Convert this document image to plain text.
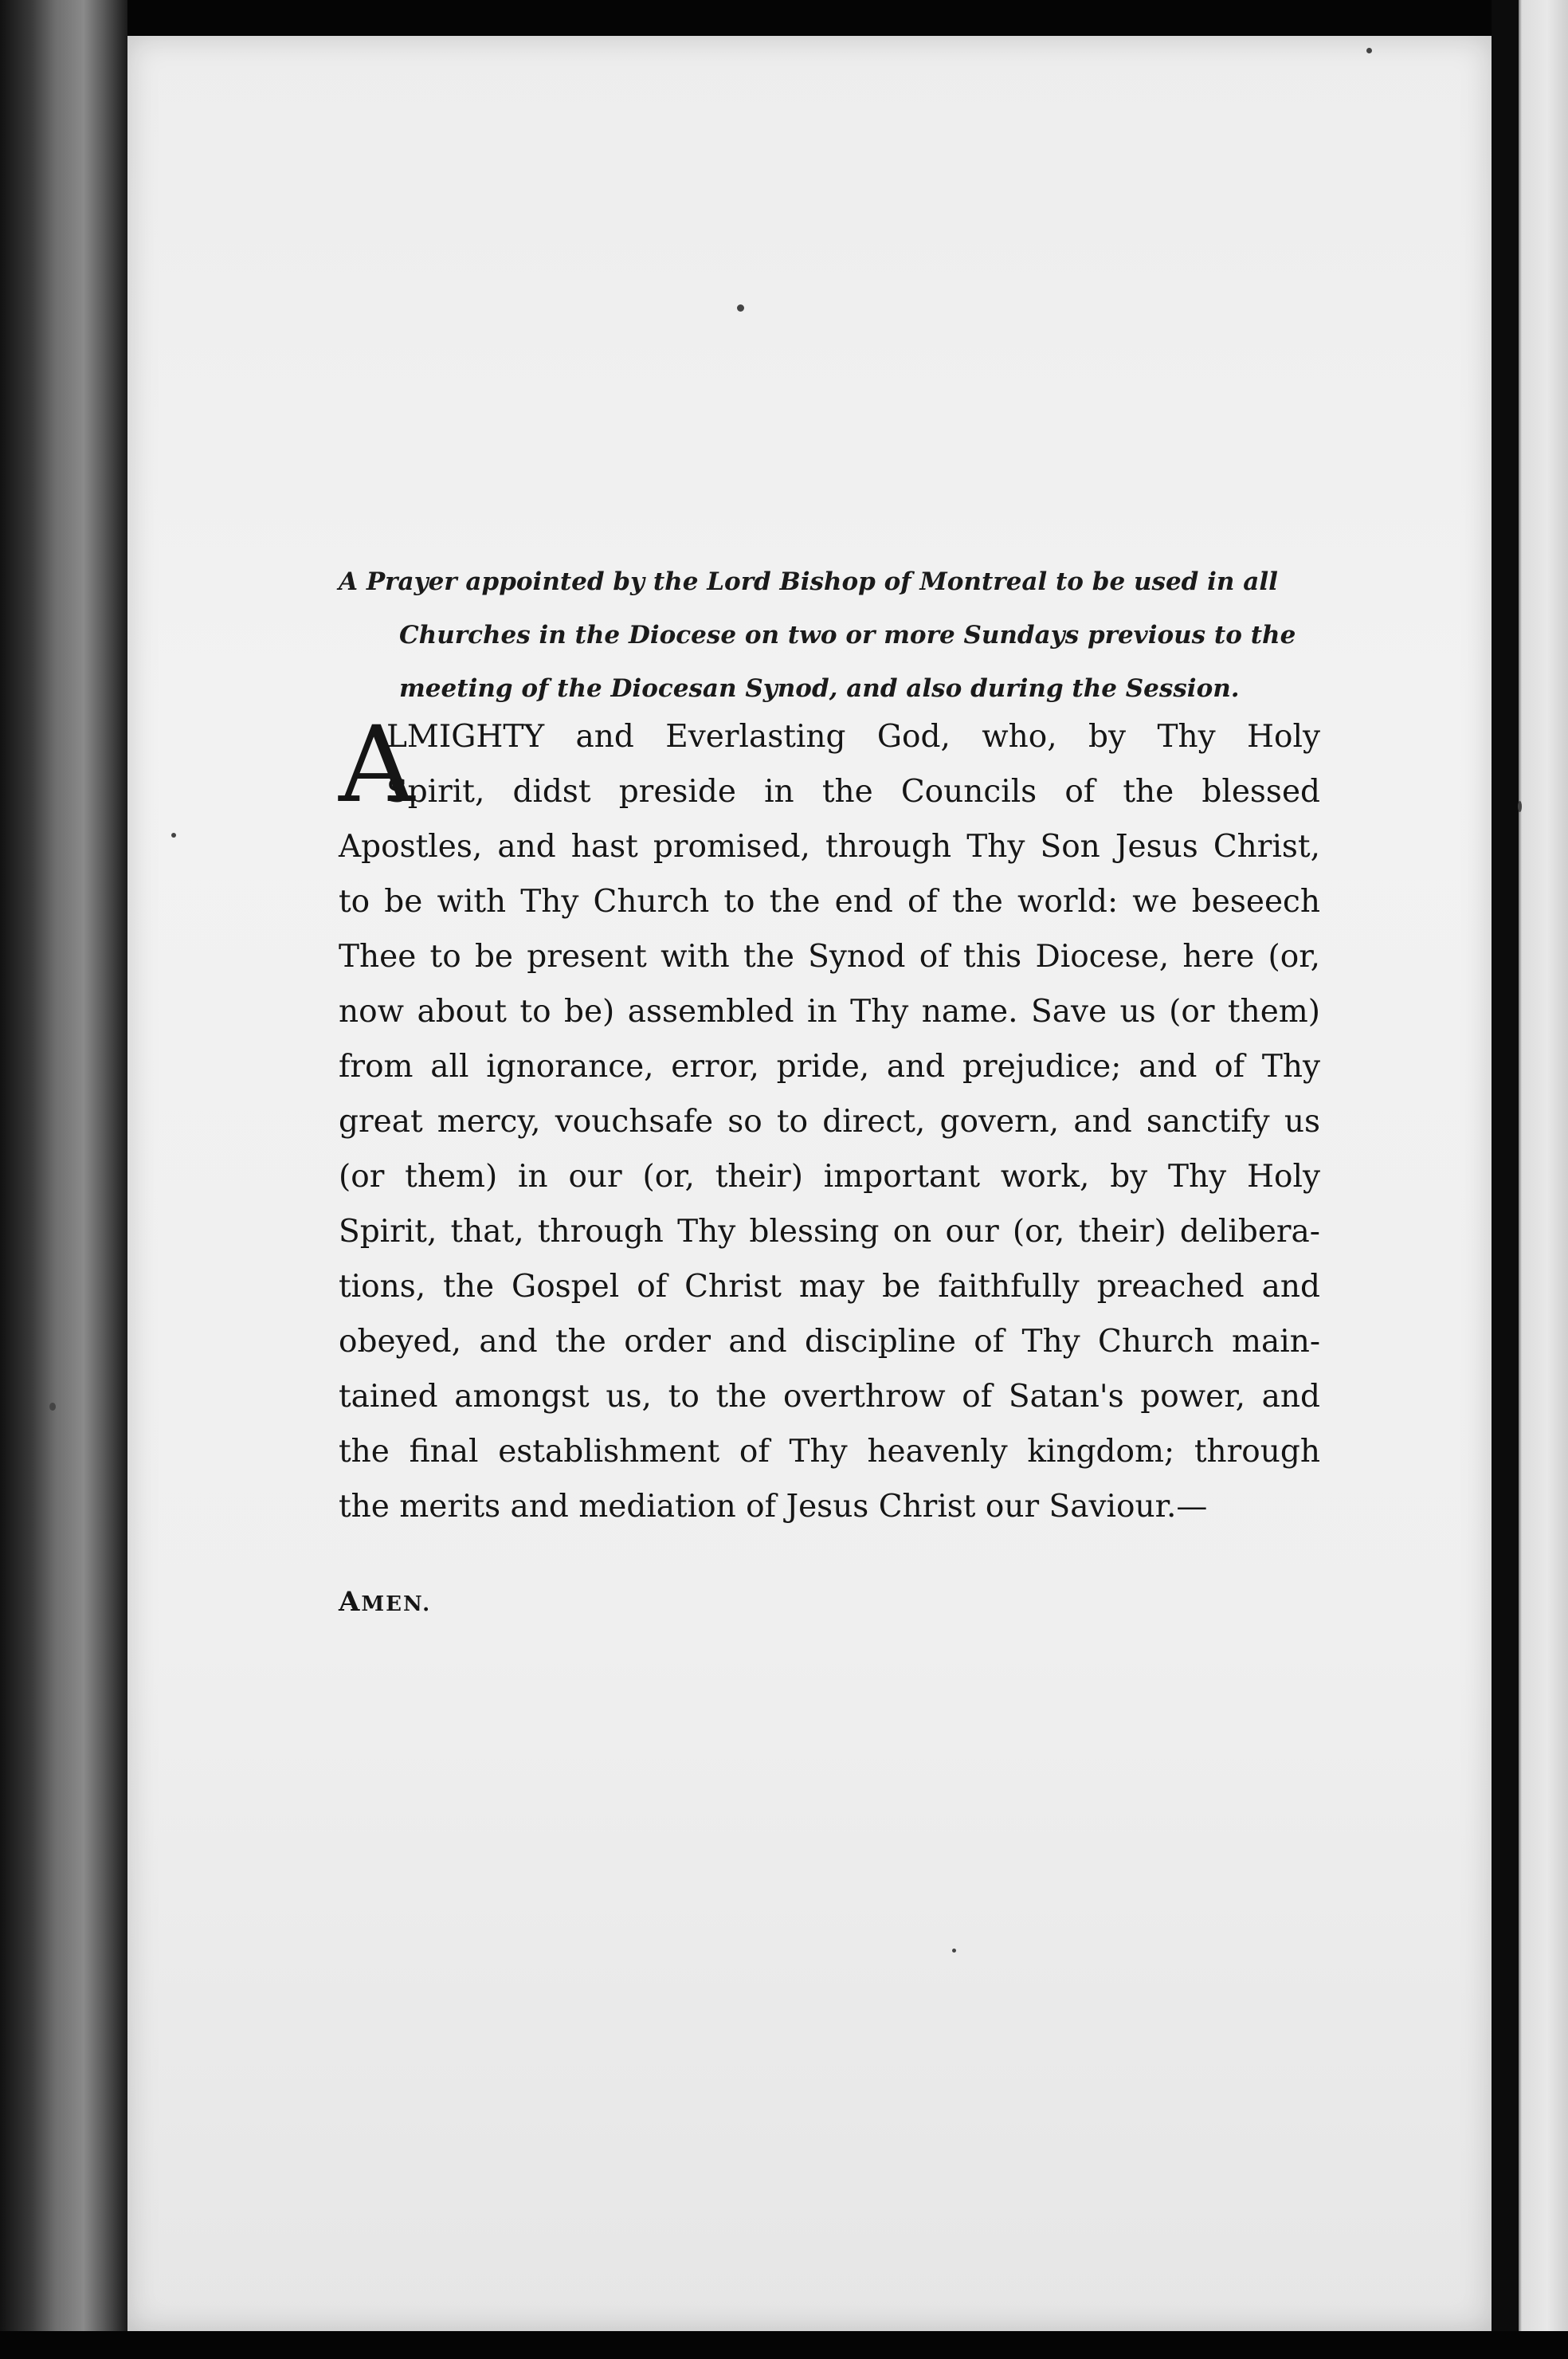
A Prayer appointed by the Lord Bishop of Montreal to be used in all
Churches in the Diocese on two or more Sundays previous to the
meeting of the Diocesan Synod, and also during the Session.
A
LMIGHTY and Everlasting God, who, by Thy Holy
Spirit, didst preside in the Councils of the blessed
Apostles, and hast promised, through Thy Son Jesus Christ,
to be with Thy Church to the end of the world: we beseech
Thee to be present with the Synod of this Diocese, here (or,
now about to be) assembled in Thy name. Save us (or them)
from all ignorance, error, pride, and prejudice; and of Thy
great mercy, vouchsafe so to direct, govern, and sanctify us
(or them) in our (or, their) important work, by Thy Holy
Spirit, that, through Thy blessing on our (or, their) delibera-
tions, the Gospel of Christ may be faithfully preached and
obeyed, and the order and discipline of Thy Church main-
tained amongst us, to the overthrow of Satan's power, and
the final establishment of Thy heavenly kingdom; through
the merits and mediation of Jesus Christ our Saviour.—
AMEN.
